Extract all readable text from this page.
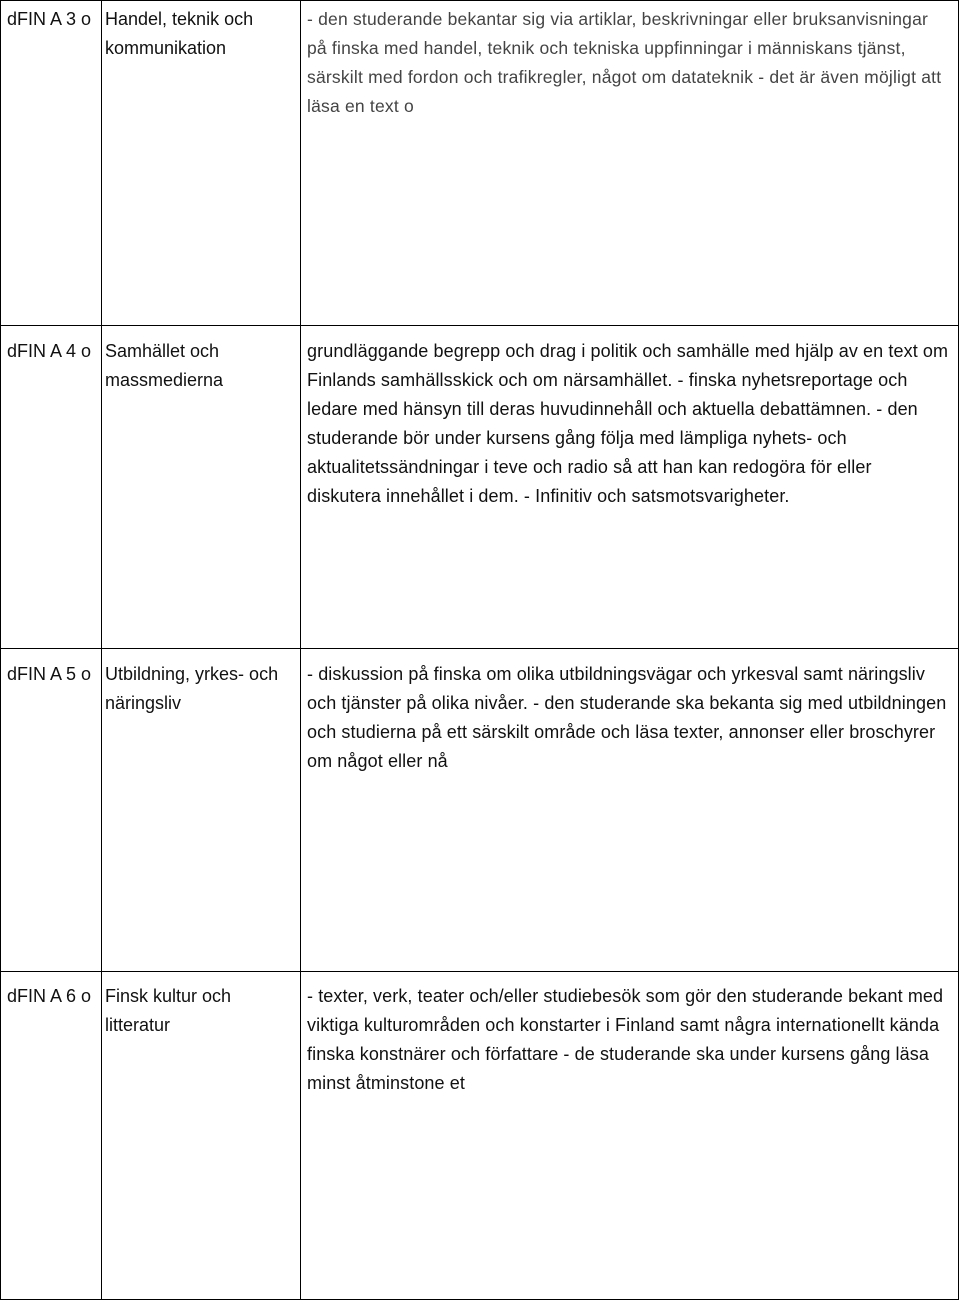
dFIN A 3 o	Handel, teknik och kommunikation	- den studerande bekantar sig via artiklar, beskrivningar eller bruksanvisningar på finska med handel, teknik och tekniska uppfinningar i människans tjänst, särskilt med fordon och trafikregler, något om datateknik - det är även möjligt att läsa en text o

dFIN A 4 o	Samhället och massmedierna	grundläggande begrepp och drag i politik och samhälle med hjälp av en text om Finlands samhällsskick och om närsamhället. - finska nyhetsreportage och ledare med hänsyn till deras huvudinnehåll och aktuella debattämnen. - den studerande bör under kursens gång följa med lämpliga nyhets- och aktualitetssändningar i teve och radio så att han kan redogöra för eller diskutera innehållet i dem. - Infinitiv och satsmotsvarigheter.

dFIN A 5 o	Utbildning, yrkes- och näringsliv	- diskussion på finska om olika utbildningsvägar och yrkesval samt näringsliv och tjänster på olika nivåer. - den studerande ska bekanta sig med utbildningen och studierna på ett särskilt område och läsa texter, annonser eller broschyrer om något eller nå

dFIN A 6 o	Finsk kultur och litteratur	- texter, verk, teater och/eller studiebesök som gör den studerande bekant med viktiga kulturområden och konstarter i Finland samt några internationellt kända finska konstnärer och författare - de studerande ska under kursens gång läsa minst åtminstone et
